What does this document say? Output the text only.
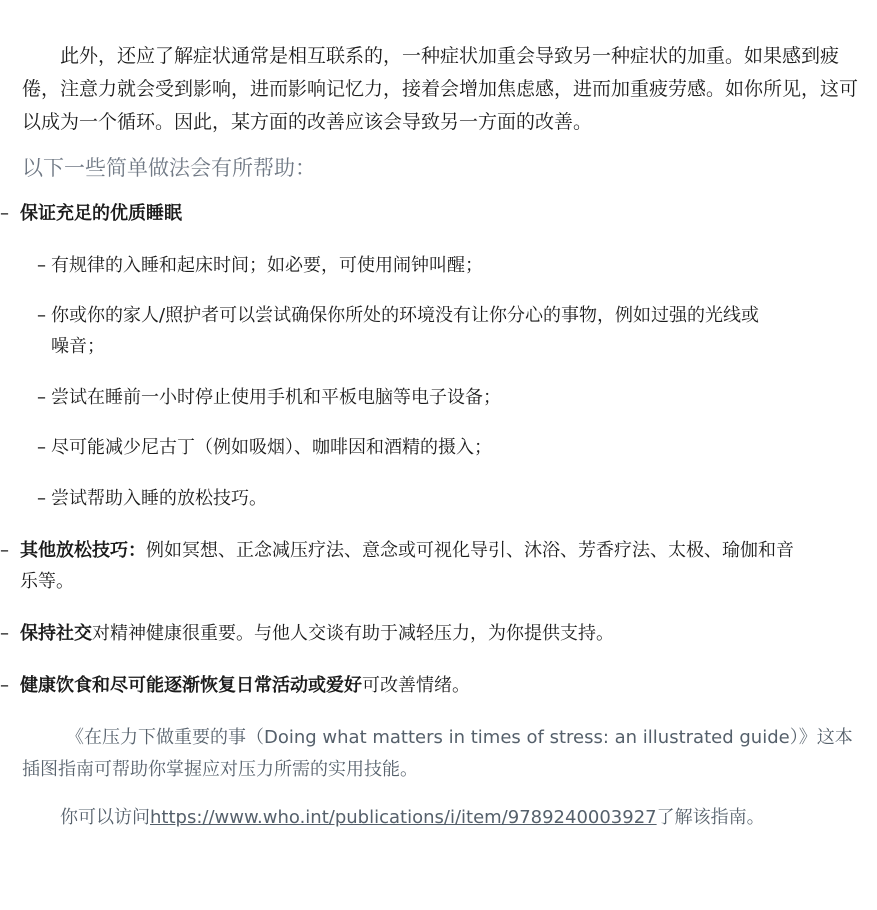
此外，还应了解症状通常是相互联系的，一种症状加重会导致另一种症状的加重。如果感到疲倦，注意力就会受到影响，进而影响记忆力，接着会增加焦虑感，进而加重疲劳感。如你所见，这可以成为一个循环。因此，某方面的改善应该会导致另一方面的改善。

以下一些简单做法会有所帮助：

– 保证充足的优质睡眠

– 有规律的入睡和起床时间；如必要，可使用闹钟叫醒；

– 你或你的家人/照护者可以尝试确保你所处的环境没有让你分心的事物，例如过强的光线或
噪音；

– 尝试在睡前一小时停止使用手机和平板电脑等电子设备；

– 尽可能减少尼古丁（例如吸烟）、咖啡因和酒精的摄入；

– 尝试帮助入睡的放松技巧。

– 其他放松技巧：例如冥想、正念减压疗法、意念或可视化导引、沐浴、芳香疗法、太极、瑜伽和音
乐等。

– 保持社交对精神健康很重要。与他人交谈有助于减轻压力，为你提供支持。

– 健康饮食和尽可能逐渐恢复日常活动或爱好可改善情绪。

《在压力下做重要的事（Doing what matters in times of stress: an illustrated guide）》这本插图指南可帮助你掌握应对压力所需的实用技能。

你可以访问https://www.who.int/publications/i/item/9789240003927了解该指南。
